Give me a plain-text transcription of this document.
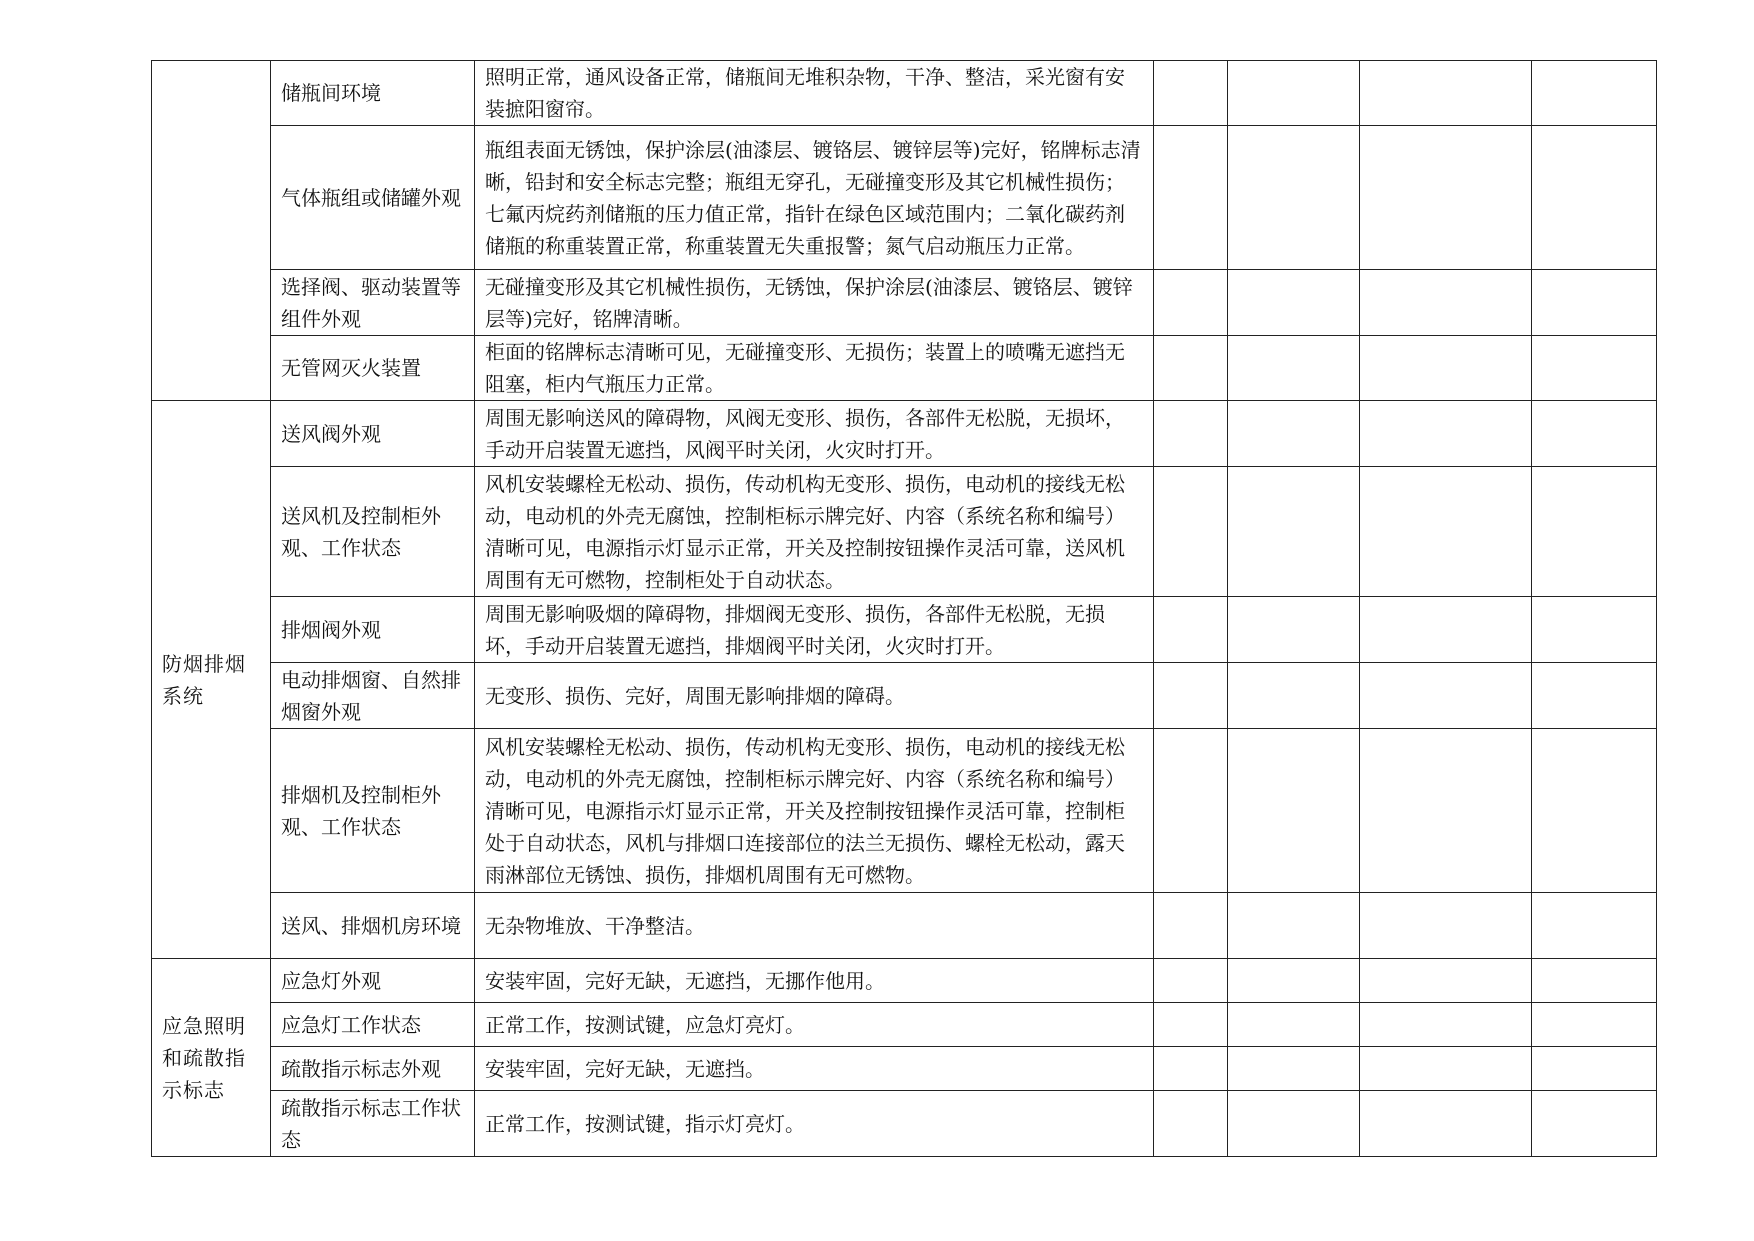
	储瓶间环境	照明正常，通风设备正常，储瓶间无堆积杂物，干净、整洁，采光窗有安装摭阳窗帘。				
	气体瓶组或储罐外观	瓶组表面无锈蚀，保护涂层(油漆层、镀铬层、镀锌层等)完好，铭牌标志清晰，铅封和安全标志完整；瓶组无穿孔，无碰撞变形及其它机械性损伤；七氟丙烷药剂储瓶的压力值正常，指针在绿色区域范围内；二氧化碳药剂储瓶的称重装置正常，称重装置无失重报警；氮气启动瓶压力正常。				
	选择阀、驱动装置等组件外观	无碰撞变形及其它机械性损伤，无锈蚀，保护涂层(油漆层、镀铬层、镀锌层等)完好，铭牌清晰。				
	无管网灭火装置	柜面的铭牌标志清晰可见，无碰撞变形、无损伤；装置上的喷嘴无遮挡无阻塞，柜内气瓶压力正常。				
防烟排烟系统	送风阀外观	周围无影响送风的障碍物，风阀无变形、损伤，各部件无松脱，无损坏，手动开启装置无遮挡，风阀平时关闭，火灾时打开。				
	送风机及控制柜外观、工作状态	风机安装螺栓无松动、损伤，传动机构无变形、损伤，电动机的接线无松动，电动机的外壳无腐蚀，控制柜标示牌完好、内容（系统名称和编号）清晰可见，电源指示灯显示正常，开关及控制按钮操作灵活可靠，送风机周围有无可燃物，控制柜处于自动状态。				
	排烟阀外观	周围无影响吸烟的障碍物，排烟阀无变形、损伤，各部件无松脱，无损坏，手动开启装置无遮挡，排烟阀平时关闭，火灾时打开。				
	电动排烟窗、自然排烟窗外观	无变形、损伤、完好，周围无影响排烟的障碍。				
	排烟机及控制柜外观、工作状态	风机安装螺栓无松动、损伤，传动机构无变形、损伤，电动机的接线无松动，电动机的外壳无腐蚀，控制柜标示牌完好、内容（系统名称和编号）清晰可见，电源指示灯显示正常，开关及控制按钮操作灵活可靠，控制柜处于自动状态，风机与排烟口连接部位的法兰无损伤、螺栓无松动，露天雨淋部位无锈蚀、损伤，排烟机周围有无可燃物。				
	送风、排烟机房环境	无杂物堆放、干净整洁。				
应急照明和疏散指示标志	应急灯外观	安装牢固，完好无缺，无遮挡，无挪作他用。				
	应急灯工作状态	正常工作，按测试键，应急灯亮灯。				
	疏散指示标志外观	安装牢固，完好无缺，无遮挡。				
	疏散指示标志工作状态	正常工作，按测试键，指示灯亮灯。				
